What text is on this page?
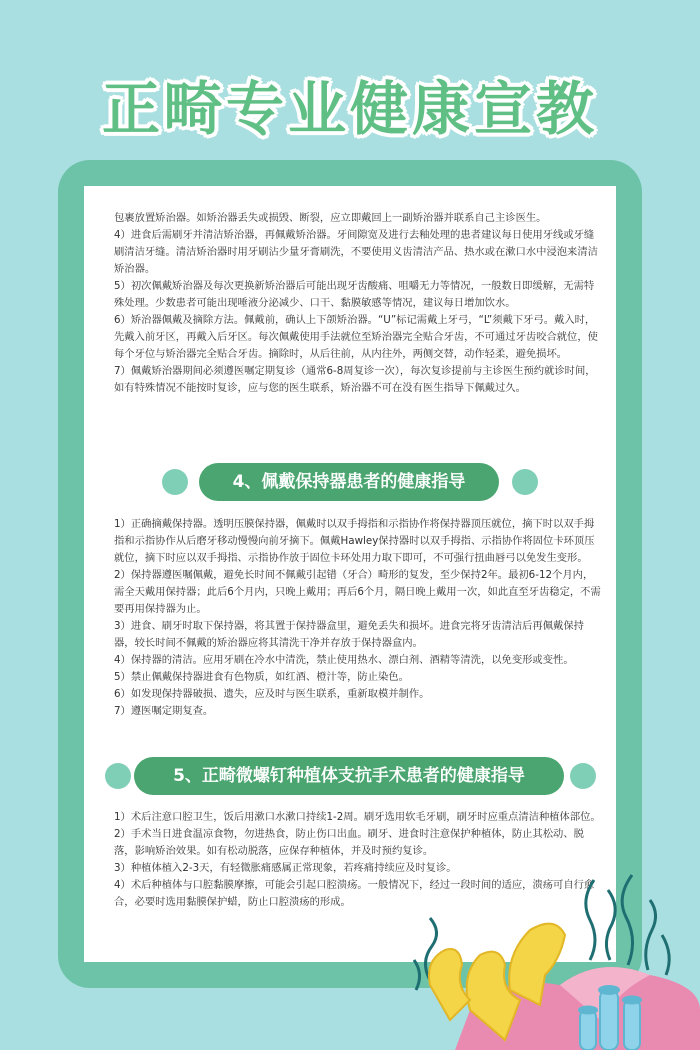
正畸专业健康宣教

包裹放置矫治器。如矫治器丢失或损毁、断裂，应立即戴回上一副矫治器并联系自己主诊医生。

4）进食后需刷牙并清洁矫治器，再佩戴矫治器。牙间隙宽及进行去釉处理的患者建议每日使用牙线或牙缝刷清洁牙缝。清洁矫治器时用牙刷沾少量牙膏刷洗，不要使用义齿清洁产品、热水或在漱口水中浸泡来清洁矫治器。

5）初次佩戴矫治器及每次更换新矫治器后可能出现牙齿酸痛、咀嚼无力等情况，一般数日即缓解，无需特殊处理。少数患者可能出现唾液分泌减少、口干、黏膜敏感等情况，建议每日增加饮水。

6）矫治器佩戴及摘除方法。佩戴前，确认上下颌矫治器。“U”标记需戴上牙弓，“L”须戴下牙弓。戴入时，先戴入前牙区，再戴入后牙区。每次佩戴使用手法就位至矫治器完全贴合牙齿，不可通过牙齿咬合就位，使每个牙位与矫治器完全贴合牙齿。摘除时，从后往前，从内往外，两侧交替，动作轻柔，避免损坏。

7）佩戴矫治器期间必须遵医嘱定期复诊（通常6-8周复诊一次），每次复诊提前与主诊医生预约就诊时间，如有特殊情况不能按时复诊，应与您的医生联系，矫治器不可在没有医生指导下佩戴过久。

4、佩戴保持器患者的健康指导

1）正确摘戴保持器。透明压膜保持器，佩戴时以双手拇指和示指协作将保持器顶压就位，摘下时以双手拇指和示指协作从后磨牙移动慢慢向前牙摘下。佩戴Hawley保持器时以双手拇指、示指协作将固位卡环顶压就位，摘下时应以双手拇指、示指协作放于固位卡环处用力取下即可，不可强行扭曲唇弓以免发生变形。

2）保持器遵医嘱佩戴，避免长时间不佩戴引起错（牙合）畸形的复发，至少保持2年。最初6-12个月内，需全天戴用保持器；此后6个月内，只晚上戴用；再后6个月，隔日晚上戴用一次，如此直至牙齿稳定，不需要再用保持器为止。

3）进食、刷牙时取下保持器，将其置于保持器盒里，避免丢失和损坏。进食完将牙齿清洁后再佩戴保持器，较长时间不佩戴的矫治器应将其清洗干净并存放于保持器盒内。

4）保持器的清洁。应用牙刷在冷水中清洗，禁止使用热水、漂白剂、酒精等清洗，以免变形或变性。

5）禁止佩戴保持器进食有色物质，如红酒、橙汁等，防止染色。

6）如发现保持器破损、遗失，应及时与医生联系，重新取模并制作。

7）遵医嘱定期复查。

5、正畸微螺钉种植体支抗手术患者的健康指导

1）术后注意口腔卫生，饭后用漱口水漱口持续1-2周。刷牙选用软毛牙刷，刷牙时应重点清洁种植体部位。

2）手术当日进食温凉食物，勿进热食，防止伤口出血。刷牙、进食时注意保护种植体，防止其松动、脱落，影响矫治效果。如有松动脱落，应保存种植体，并及时预约复诊。

3）种植体植入2-3天，有轻微胀痛感属正常现象，若疼痛持续应及时复诊。

4）术后种植体与口腔黏膜摩擦，可能会引起口腔溃疡。一般情况下，经过一段时间的适应，溃疡可自行愈合，必要时选用黏膜保护蜡，防止口腔溃疡的形成。
